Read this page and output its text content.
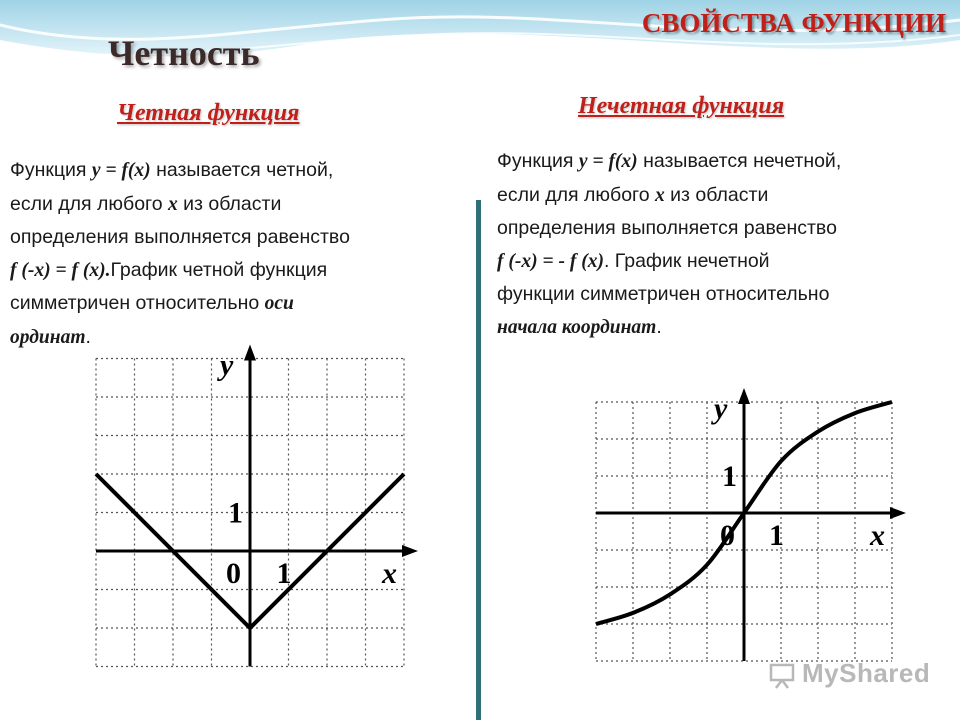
СВОЙСТВА ФУНКЦИИ
Четность
Четная функция
Функция y = f(x) называется четной,
если для любого x из области
определения выполняется равенство
f (-x) = f (x).График четной функция
симметричен относительно оси
ординат.
Нечетная функция
Функция y = f(x) называется нечетной,
если для любого x из области
определения выполняется равенство
f (-x) = - f (x). График нечетной
функции симметричен относительно
начала координат.
y
x
0 1
1
y
x
0 1
1
MyShared
